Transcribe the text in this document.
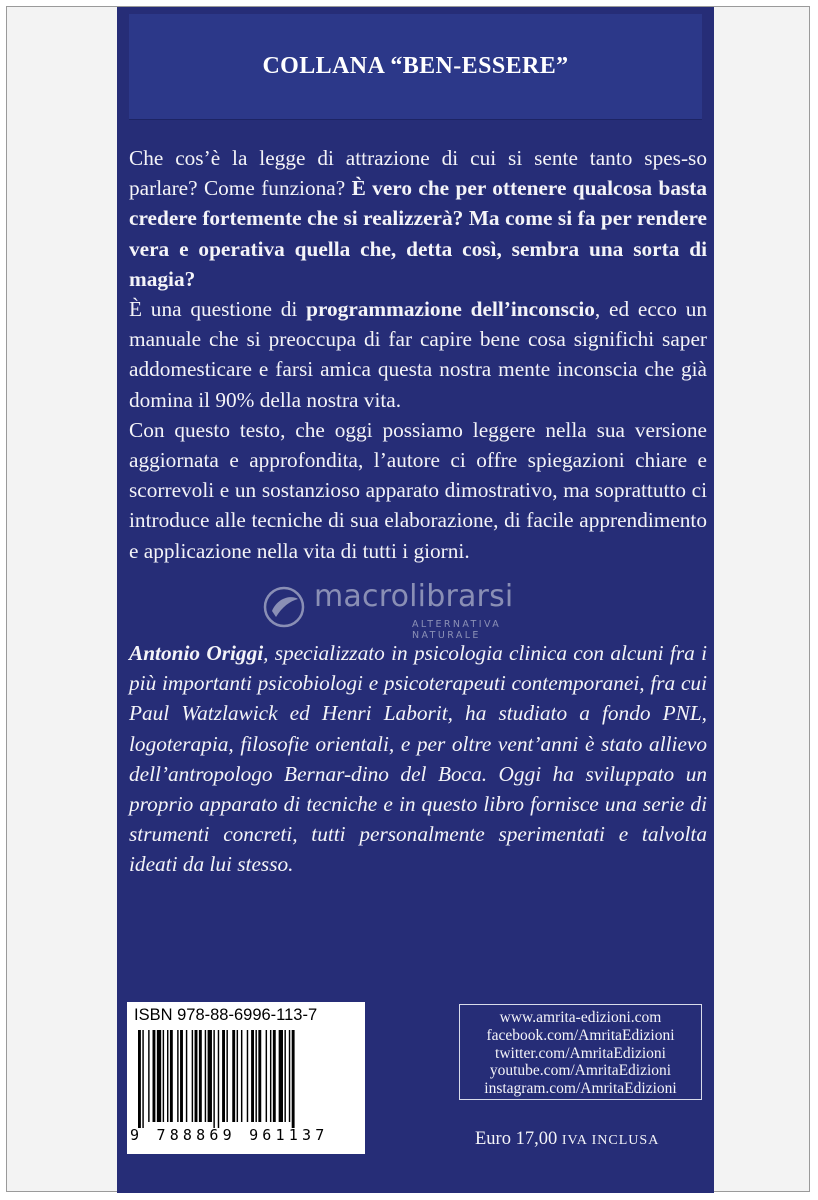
COLLANA “BEN-ESSERE”

Che cos’è la legge di attrazione di cui si sente tanto spes-so parlare? Come funziona? È vero che per ottenere qualcosa basta credere fortemente che si realizzerà? Ma come si fa per rendere vera e operativa quella che, detta così, sembra una sorta di magia?

È una questione di programmazione dell’inconscio, ed ecco un manuale che si preoccupa di far capire bene cosa significhi saper addomesticare e farsi amica questa nostra mente inconscia che già domina il 90% della nostra vita.

Con questo testo, che oggi possiamo leggere nella sua versione aggiornata e approfondita, l’autore ci offre spiegazioni chiare e scorrevoli e un sostanzioso apparato dimostrativo, ma soprattutto ci introduce alle tecniche di sua elaborazione, di facile apprendimento e applicazione nella vita di tutti i giorni.

macrolibrarsi
ALTERNATIVA NATURALE
Antonio Origgi, specializzato in psicologia clinica con alcuni fra i più importanti psicobiologi e psicoterapeuti contemporanei, fra cui Paul Watzlawick ed Henri Laborit, ha studiato a fondo PNL, logoterapia, filosofie orientali, e per oltre vent’anni è stato allievo dell’antropologo Bernar-dino del Boca. Oggi ha sviluppato un proprio apparato di tecniche e in questo libro fornisce una serie di strumenti concreti, tutti personalmente sperimentati e talvolta ideati da lui stesso.
ISBN 978-88-6996-113-7
9 788869 961137
www.amrita-edizioni.com
facebook.com/AmritaEdizioni
twitter.com/AmritaEdizioni
youtube.com/AmritaEdizioni
instagram.com/AmritaEdizioni
Euro 17,00 IVA INCLUSA
